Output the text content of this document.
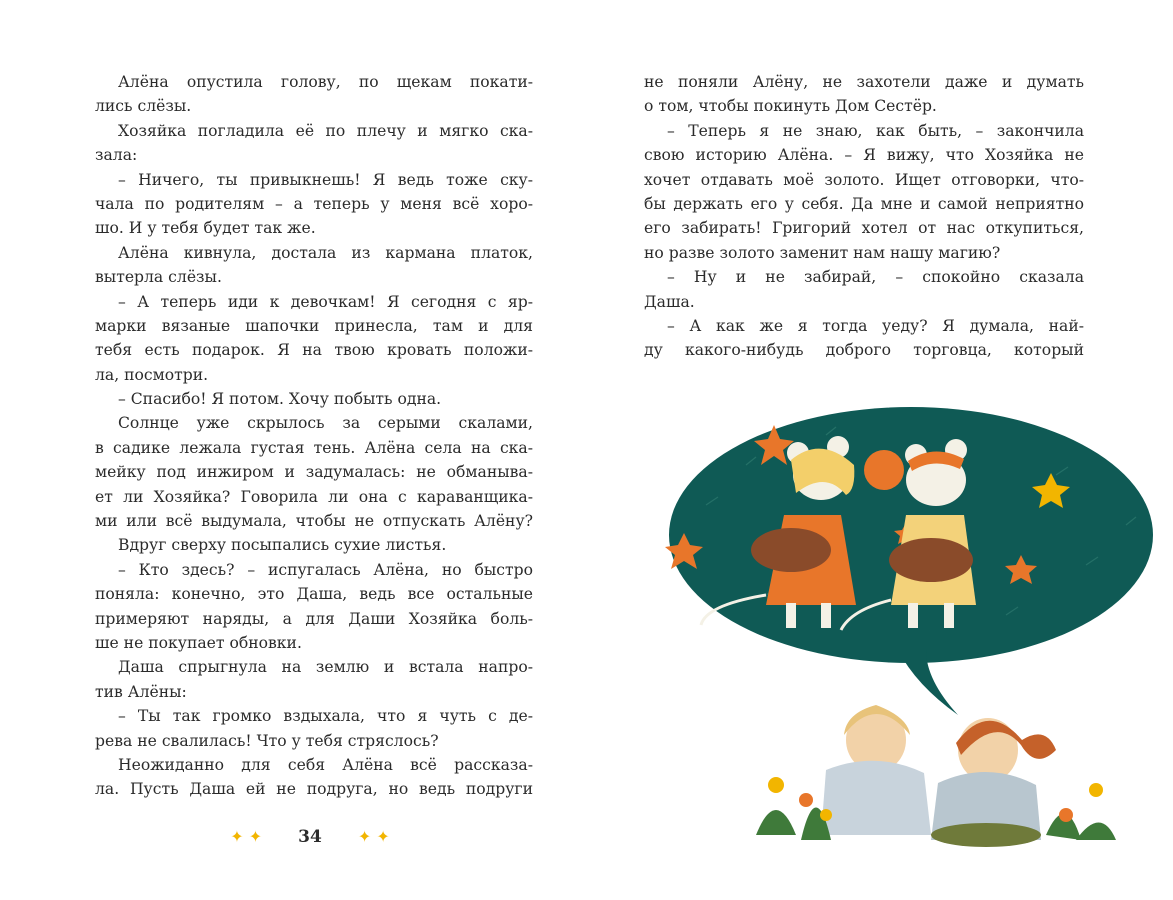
Алёна опустила голову, по щекам покати-
лись слёзы.
Хозяйка погладила её по плечу и мягко ска-
зала:
– Ничего, ты привыкнешь! Я ведь тоже ску-
чала по родителям – а теперь у меня всё хоро-
шо. И у тебя будет так же.
Алёна кивнула, достала из кармана платок,
вытерла слёзы.
– А теперь иди к девочкам! Я сегодня с яр-
марки вязаные шапочки принесла, там и для
тебя есть подарок. Я на твою кровать положи-
ла, посмотри.
– Спасибо! Я потом. Хочу побыть одна.
Солнце уже скрылось за серыми скалами,
в садике лежала густая тень. Алёна села на ска-
мейку под инжиром и задумалась: не обманывa-
ет ли Хозяйка? Говорила ли она с караванщика-
ми или всё выдумала, чтобы не отпускать Алёну?
Вдруг сверху посыпались сухие листья.
– Кто здесь? – испугалась Алёна, но быстро
поняла: конечно, это Даша, ведь все остальные
примеряют наряды, а для Даши Хозяйка боль-
ше не покупает обновки.
Даша спрыгнула на землю и встала напро-
тив Алёны:
– Ты так громко вздыхала, что я чуть с де-
рева не свалилась! Что у тебя стряслось?
Неожиданно для себя Алёна всё рассказа-
ла. Пусть Даша ей не подруга, но ведь подруги
✦ ✦	34	✦ ✦
не поняли Алёну, не захотели даже и думать
о том, чтобы покинуть Дом Сестёр.
– Теперь я не знаю, как быть, – закончила
свою историю Алёна. – Я вижу, что Хозяйка не
хочет отдавать моё золото. Ищет отговорки, что-
бы держать его у себя. Да мне и самой неприятно
его забирать! Григорий хотел от нас откупиться,
но разве золото заменит нам нашу магию?
– Ну и не забирай, – спокойно сказала
Даша.
– А как же я тогда уеду? Я думала, най-
ду какого-нибудь доброго торговца, который
